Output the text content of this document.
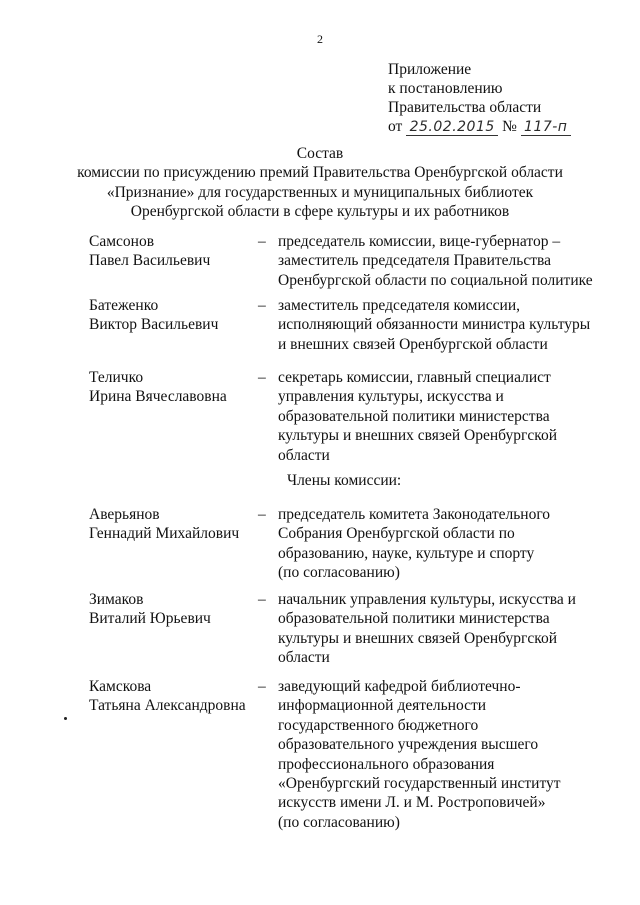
2
Приложение
к постановлению
Правительства области
от 25.02.2015 № 117-п
Состав
комиссии по присуждению премий Правительства Оренбургской области
«Признание» для государственных и муниципальных библиотек
Оренбургской области в сфере культуры и их работников
Самсонов
Павел Васильевич
– председатель комиссии, вице-губернатор –
заместитель председателя Правительства
Оренбургской области по социальной политике
Батеженко
Виктор Васильевич
– заместитель председателя комиссии,
исполняющий обязанности министра культуры
и внешних связей Оренбургской области
Теличко
Ирина Вячеславовна
– секретарь комиссии, главный специалист
управления культуры, искусства и
образовательной политики министерства
культуры и внешних связей Оренбургской
области
Члены комиссии:
Аверьянов
Геннадий Михайлович
– председатель комитета Законодательного
Собрания Оренбургской области по
образованию, науке, культуре и спорту
(по согласованию)
Зимаков
Виталий Юрьевич
– начальник управления культуры, искусства и
образовательной политики министерства
культуры и внешних связей Оренбургской
области
Камскова
Татьяна Александровна
– заведующий кафедрой библиотечно-
информационной деятельности
государственного бюджетного
образовательного учреждения высшего
профессионального образования
«Оренбургский государственный институт
искусств имени Л. и М. Ростроповичей»
(по согласованию)
